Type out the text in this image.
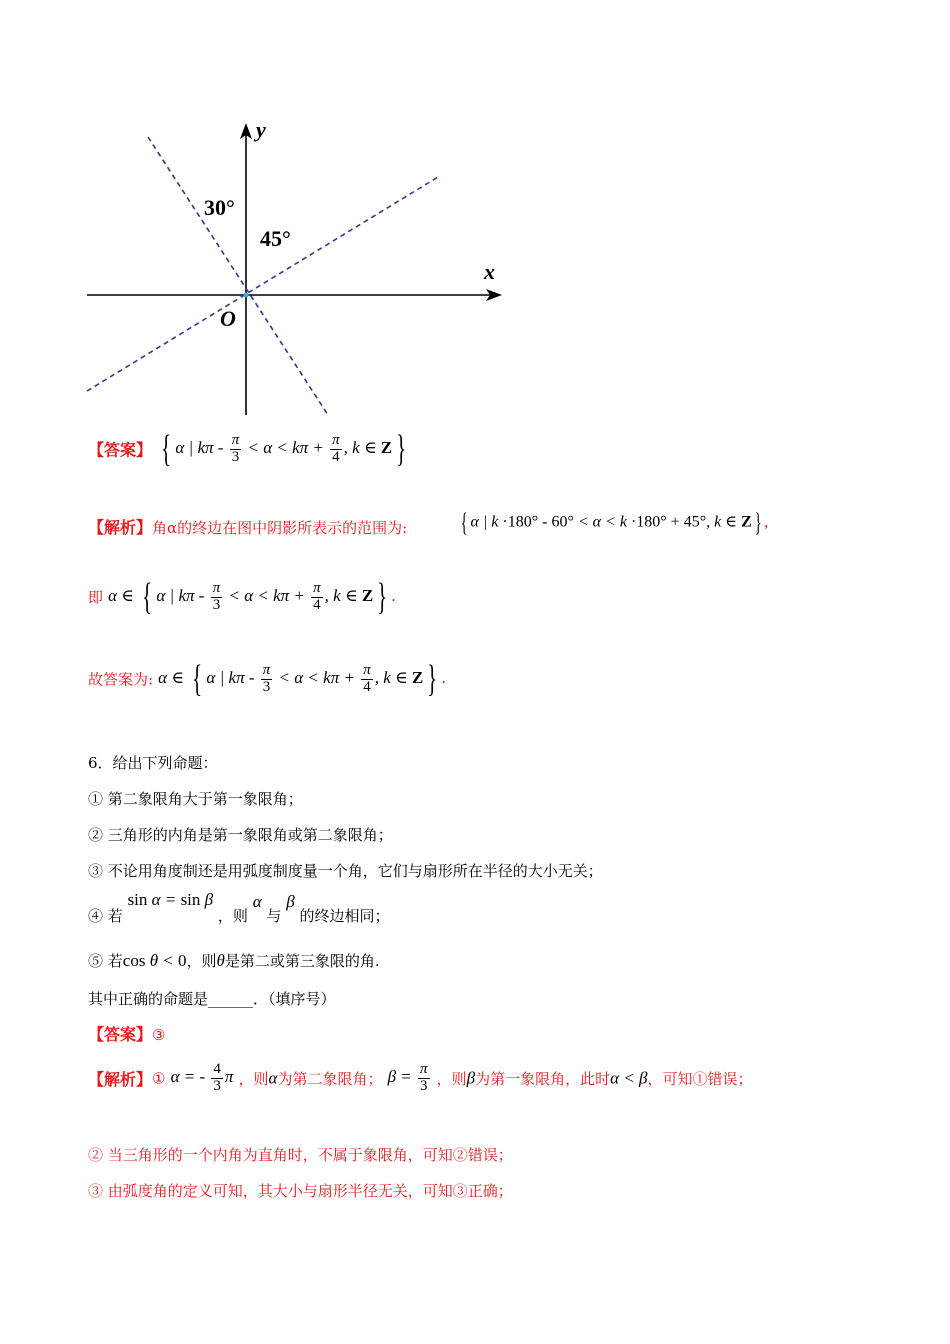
y
x
O
30°
45°
【答案】 { α | $k\pi - \frac{\pi}{3} < \alpha < k\pi + \frac{\pi}{4}$ , k ∈ Z }
【解析】角α的终边在图中阴影所表示的范围为: { α | k ·180° - 60° < α < k ·180° + 45°, k ∈ Z } ,
即 α ∈ { α | $k\pi - \frac{\pi}{3} < \alpha < k\pi + \frac{\pi}{4}$ , k ∈ Z } .
故答案为: α ∈ { α | $k\pi - \frac{\pi}{3} < \alpha < k\pi + \frac{\pi}{4}$ , k ∈ Z } .
6．给出下列命题：
① 第二象限角大于第一象限角；
② 三角形的内角是第一象限角或第二象限角；
③ 不论用角度制还是用弧度制度量一个角，它们与扇形所在半径的大小无关；
④ 若 sin α = sin β ，则 α 与 β 的终边相同；
⑤ 若cos θ < 0，则θ是第二或第三象限的角.
其中正确的命题是______．（填序号）
【答案】③
【解析】① α = - $\frac{4}{3}$ π ，则α为第二象限角； $\beta = \frac{\pi}{3}$ ，则β为第一象限角，此时α < β，可知①错误；
② 当三角形的一个内角为直角时，不属于象限角，可知②错误；
③ 由弧度角的定义可知，其大小与扇形半径无关，可知③正确；
